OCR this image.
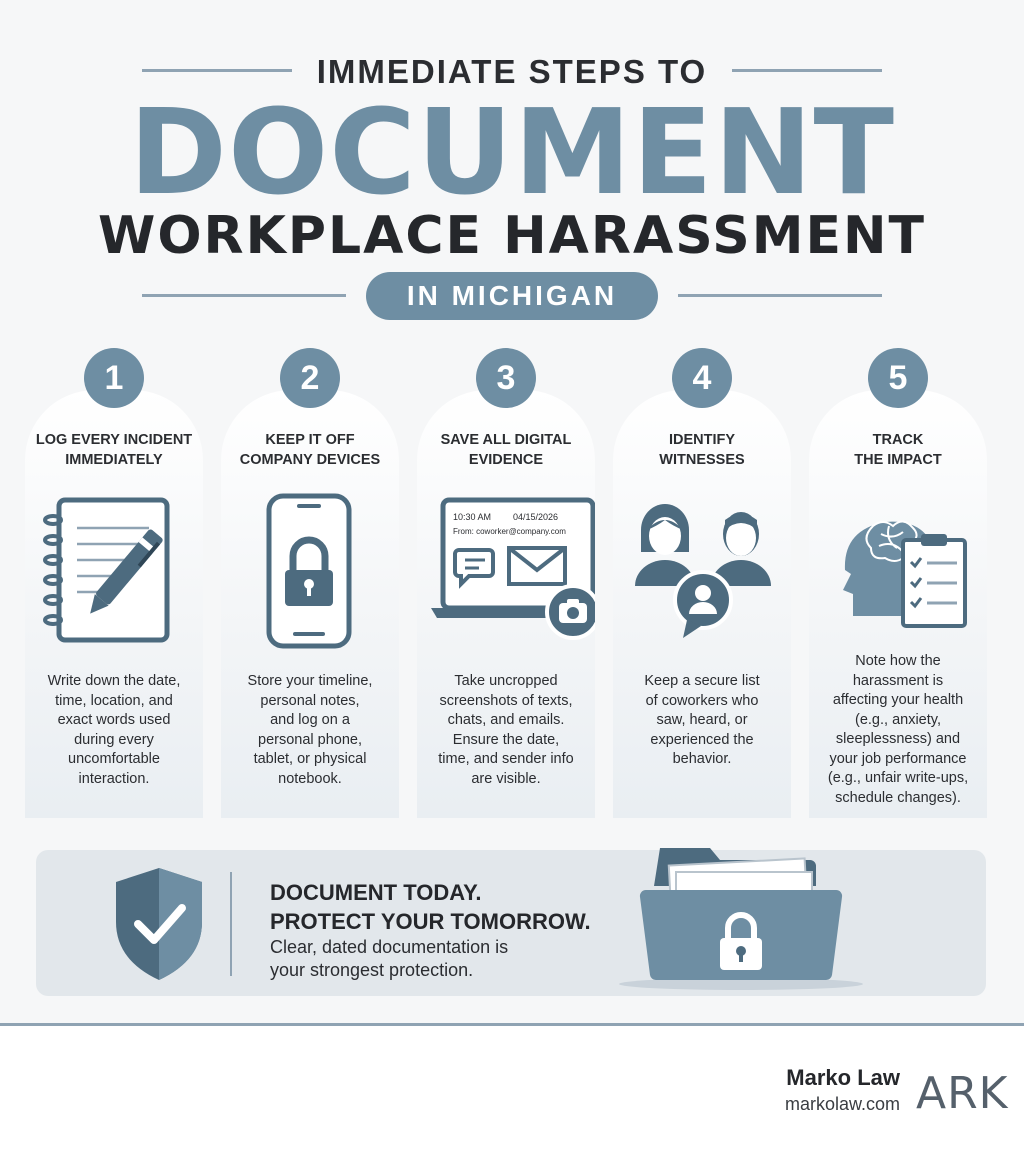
IMMEDIATE STEPS TO
DOCUMENT
WORKPLACE HARASSMENT
IN MICHIGAN
LOG EVERY INCIDENT
IMMEDIATELY
Write down the date,
time, location, and
exact words used
during every
uncomfortable
interaction.
1
KEEP IT OFF
COMPANY DEVICES
Store your timeline,
personal notes,
and log on a
personal phone,
tablet, or physical
notebook.
2
SAVE ALL DIGITAL
EVIDENCE
10:30 AM 04/15/2026
From: coworker@company.com
Take uncropped
screenshots of texts,
chats, and emails.
Ensure the date,
time, and sender info
are visible.
3
IDENTIFY
WITNESSES
Keep a secure list
of coworkers who
saw, heard, or
experienced the
behavior.
4
TRACK
THE IMPACT
Note how the
harassment is
affecting your health
(e.g., anxiety,
sleeplessness) and
your job performance
(e.g., unfair write-ups,
schedule changes).
5
DOCUMENT TODAY.
PROTECT YOUR TOMORROW.
Clear, dated documentation is
your strongest protection.
Marko Law
markolaw.com ARK
